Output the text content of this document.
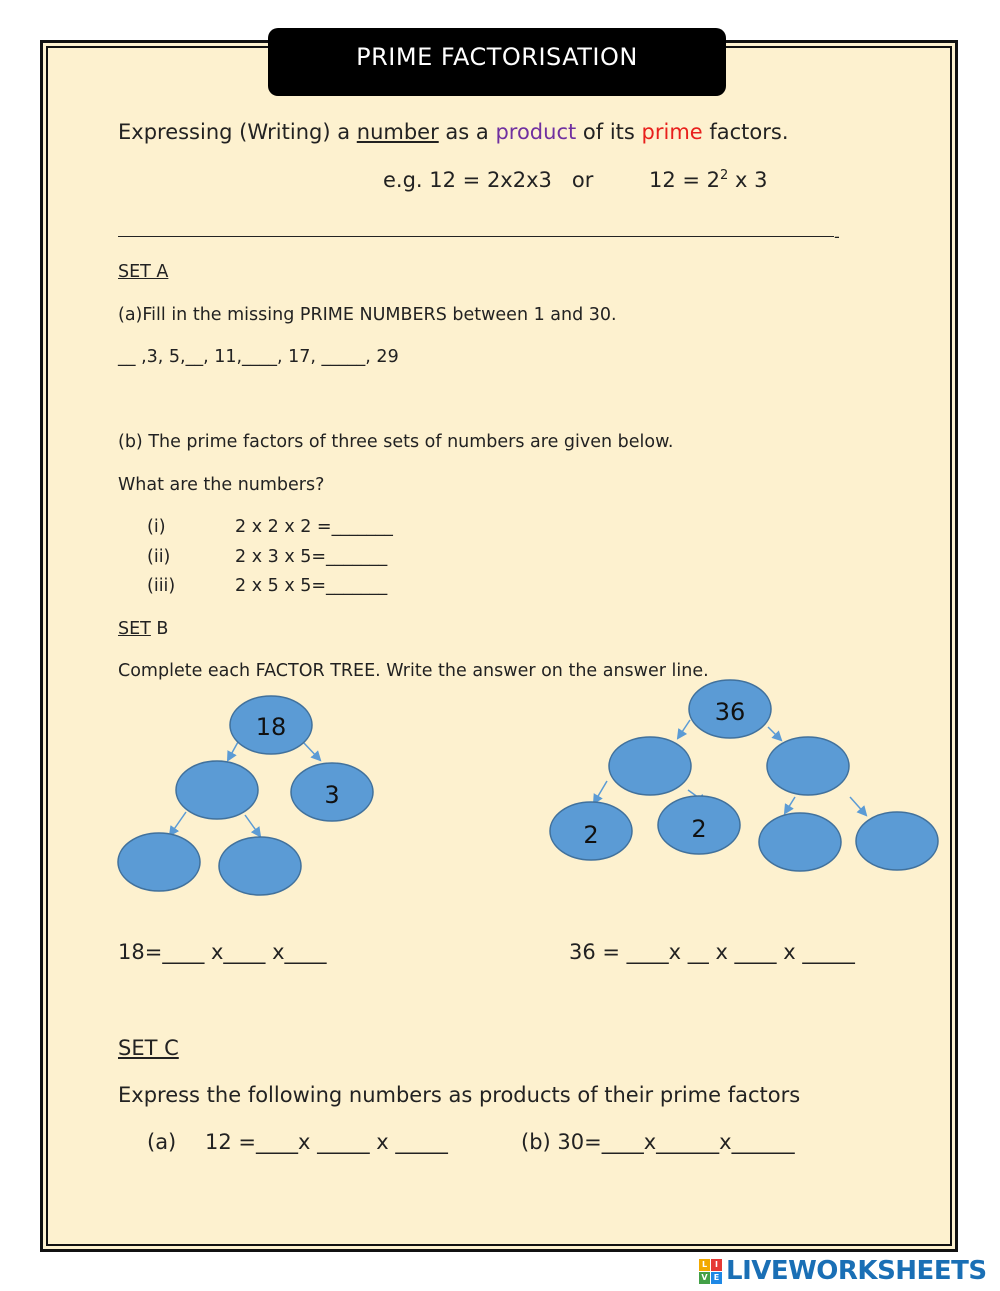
PRIME FACTORISATION
Expressing (Writing) a number as a product of its prime factors.
e.g. 12 = 2x2x3   or	$12 = 2^2$ x 3
-
SET A
(a)Fill in the missing PRIME NUMBERS between 1 and 30.
__ ,3, 5,__, 11,____, 17, _____, 29
(b) The prime factors of three sets of numbers are given below.
What are the numbers?
(i)	2 x 2 x 2 =_______
(ii)	2 x 3 x 5=_______
(iii)	2 x 5 x 5=_______
SET B
Complete each FACTOR TREE. Write the answer on the answer line.
18
3
36
2	2
18=____ x____ x____	36 = ____x __ x ____ x _____
SET C
Express the following numbers as products of their prime factors
(a) 12 =____x _____ x _____	(b) 30=____x______x______
L I
V E LIVEWORKSHEETS
